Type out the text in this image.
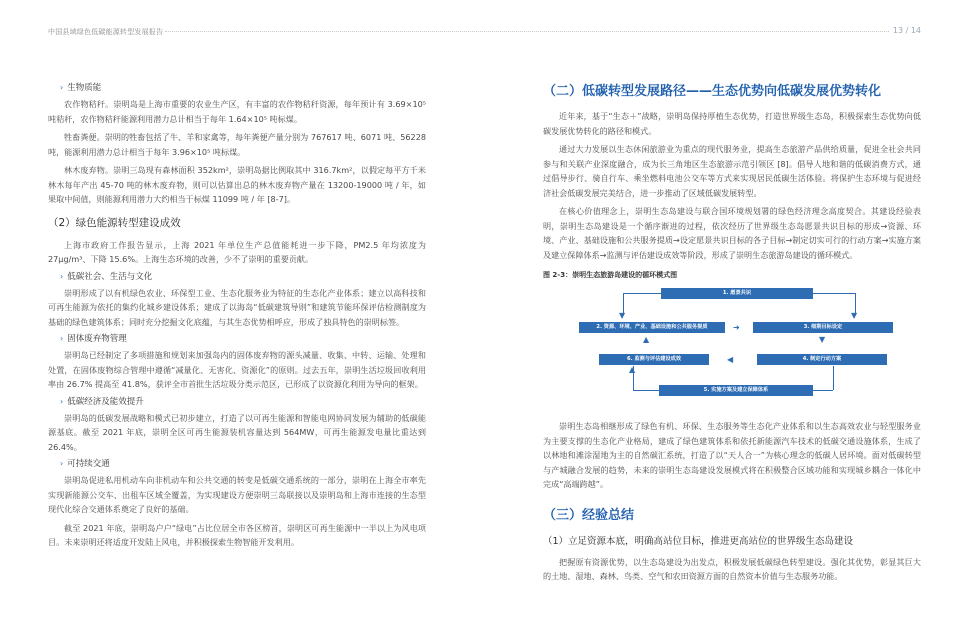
中国县域绿色低碳能源转型发展报告	13 / 14
› 生物质能

农作物秸秆。崇明岛是上海市重要的农业生产区，有丰富的农作物秸秆资源，每年预计有 3.69×10⁵ 吨秸秆，农作物秸秆能源利用潜力总计相当于每年 1.64×10⁵ 吨标煤。

牲畜粪便。崇明的牲畜包括了牛、羊和家禽等，每年粪便产量分别为 767617 吨、6071 吨、56228 吨，能源利用潜力总计相当于每年 3.96×10⁵ 吨标煤。

林木废弃物。崇明三岛现有森林面积 352km²，崇明岛据比例取其中 316.7km²，以假定每平方千米林木每年产出 45-70 吨的林木废弃物，则可以估算出总的林木废弃物产量在 13200-19000 吨 / 年，如果取中间值，则能源利用潜力大约相当于标煤 11099 吨 / 年 [8-7]。

（2）绿色能源转型建设成效

上海市政府工作报告显示，上海 2021 年单位生产总值能耗进一步下降，PM2.5 年均浓度为 27μg/m³、下降 15.6%。上海生态环境的改善，少不了崇明的重要贡献。

› 低碳社会、生活与文化

崇明形成了以有机绿色农业、环保型工业、生态化服务业为特征的生态化产业体系；建立以高科技和可再生能源为依托的集约化城乡建设体系；建成了以海岛“低碳建筑导则”和建筑节能环保评估检测制度为基础的绿色建筑体系；同时充分挖掘文化底蕴，与其生态优势相呼应，形成了独具特色的崇明标签。

› 固体废弃物管理

崇明岛已经制定了多项措施和规划来加强岛内的固体废弃物的源头减量、收集、中转、运输、处理和处置，在固体废物综合管理中遵循“减量化、无害化、资源化”的原则。过去五年，崇明生活垃圾回收利用率由 26.7% 提高至 41.8%，获评全市首批生活垃圾分类示范区，已形成了以资源化利用为导向的框架。

› 低碳经济及能效提升

崇明岛的低碳发展战略和模式已初步建立，打造了以可再生能源和智能电网协同发展为辅助的低碳能源基底。截至 2021 年底，崇明全区可再生能源装机容量达到 564MW，可再生能源发电量比重达到 26.4%。

› 可持续交通

崇明岛促进私用机动车向非机动车和公共交通的转变是低碳交通系统的一部分，崇明在上海全市率先实现新能源公交车、出租车区域全覆盖，为实现建设方便崇明三岛联接以及崇明岛和上海市连接的生态型现代化综合交通体系奠定了良好的基础。

截至 2021 年底，崇明岛户户“绿电”占比位居全市各区榜首，崇明区可再生能源中一半以上为风电项目。未来崇明还将适度开发陆上风电，并积极探索生物智能开发利用。

（二）低碳转型发展路径——生态优势向低碳发展优势转化

近年来，基于“生态＋”战略，崇明岛保持厚植生态优势，打造世界级生态岛，积极探索生态优势向低碳发展优势转化的路径和模式。

通过大力发展以生态休闲旅游业为重点的现代服务业，提高生态旅游产品供给质量，促进全社会共同参与和关联产业深度融合，成为长三角地区生态旅游示范引领区 [8]。倡导人地和谐的低碳消费方式，通过倡导步行、骑自行车、乘坐燃料电池公交车等方式来实现居民低碳生活体验。将保护生态环境与促进经济社会低碳发展完美结合，进一步推动了区域低碳发展转型。

在核心价值理念上，崇明生态岛建设与联合国环境规划署的绿色经济理念高度契合。其建设经验表明，崇明生态岛建设是一个循序渐进的过程，依次经历了世界级生态岛愿景共识目标的形成→资源、环境、产业、基础设施和公共服务提质→设定愿景共识目标的各子目标→制定切实可行的行动方案→实施方案及建立保障体系→监测与评估建设成效等阶段，形成了崇明生态旅游岛建设的循环模式。

图 2-3：崇明生态旅游岛建设的循环模式图
1. 愿景共识
▼	▼
2. 资源、环境、产业、基础设施和公共服务提质	➜	3. 细期目标设定
▲	▼
6. 监测与评估建设成效	◀	4. 制定行动方案
▲
5. 实施方案及建立保障体系

崇明生态岛相继形成了绿色有机、环保、生态服务等生态化产业体系和以生态高效农业与轻型服务业为主要支撑的生态化产业格局，建成了绿色建筑体系和依托新能源汽车技术的低碳交通设施体系，生成了以林地和滩涂湿地为主的自然碳汇系统，打造了以“天人合一”为核心理念的低碳人居环境。面对低碳转型与产城融合发展的趋势，未来的崇明生态岛建设发展模式将在积极整合区域功能和实现城乡耦合一体化中完成“高端跨越”。

（三）经验总结
（1）立足资源本底，明确高站位目标，推进更高站位的世界级生态岛建设

把握原有资源优势，以生态岛建设为出发点，积极发展低碳绿色转型建设。强化其优势，彰显其巨大的土地、湿地、森林、鸟类、空气和农田资源方面的自然资本价值与生态服务功能。
